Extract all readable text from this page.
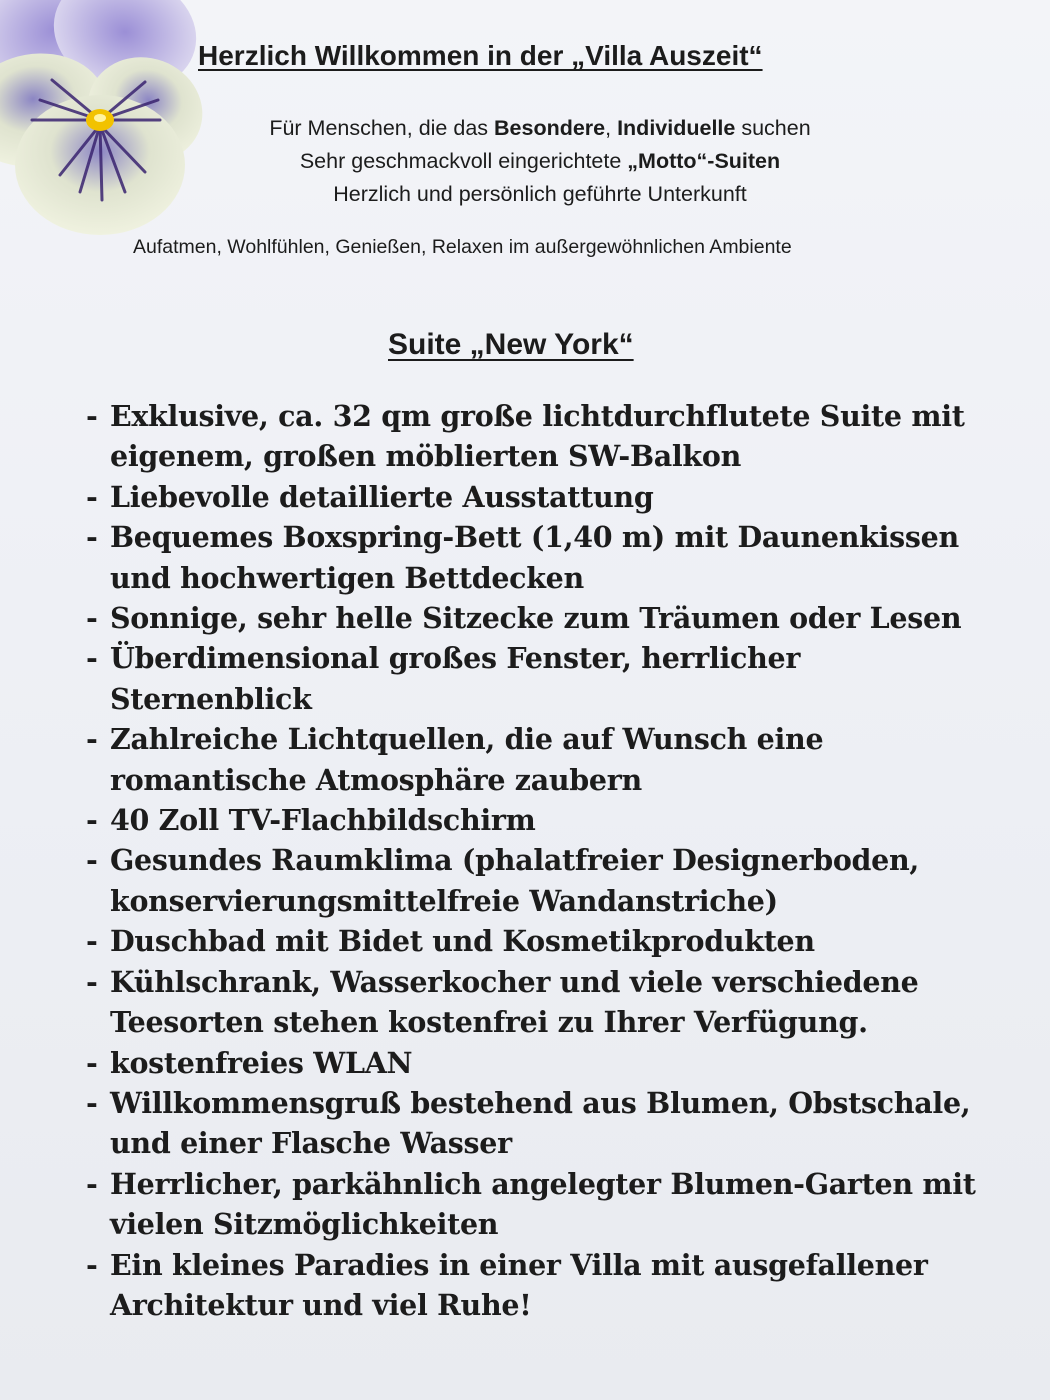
Herzlich Willkommen in der „Villa Auszeit“
Für Menschen, die das Besondere, Individuelle suchen
Sehr geschmackvoll eingerichtete „Motto“-Suiten
Herzlich und persönlich geführte Unterkunft
Aufatmen, Wohlfühlen, Genießen, Relaxen im außergewöhnlichen Ambiente
Suite „New York“
- Exklusive, ca. 32 qm große lichtdurchflutete Suite mit
eigenem, großen möblierten SW-Balkon
- Liebevolle detaillierte Ausstattung
- Bequemes Boxspring-Bett (1,40 m) mit Daunenkissen
und hochwertigen Bettdecken
- Sonnige, sehr helle Sitzecke zum Träumen oder Lesen
- Überdimensional großes Fenster, herrlicher Sternenblick
- Zahlreiche Lichtquellen, die auf Wunsch eine
romantische Atmosphäre zaubern
- 40 Zoll TV-Flachbildschirm
- Gesundes Raumklima (phalatfreier Designerboden,
konservierungsmittelfreie Wandanstriche)
- Duschbad mit Bidet und Kosmetikprodukten
- Kühlschrank, Wasserkocher und viele verschiedene
Teesorten stehen kostenfrei zu Ihrer Verfügung.
- kostenfreies WLAN
- Willkommensgruß bestehend aus Blumen, Obstschale,
und einer Flasche Wasser
- Herrlicher, parkähnlich angelegter Blumen-Garten mit
vielen Sitzmöglichkeiten
- Ein kleines Paradies in einer Villa mit ausgefallener
Architektur und viel Ruhe!
